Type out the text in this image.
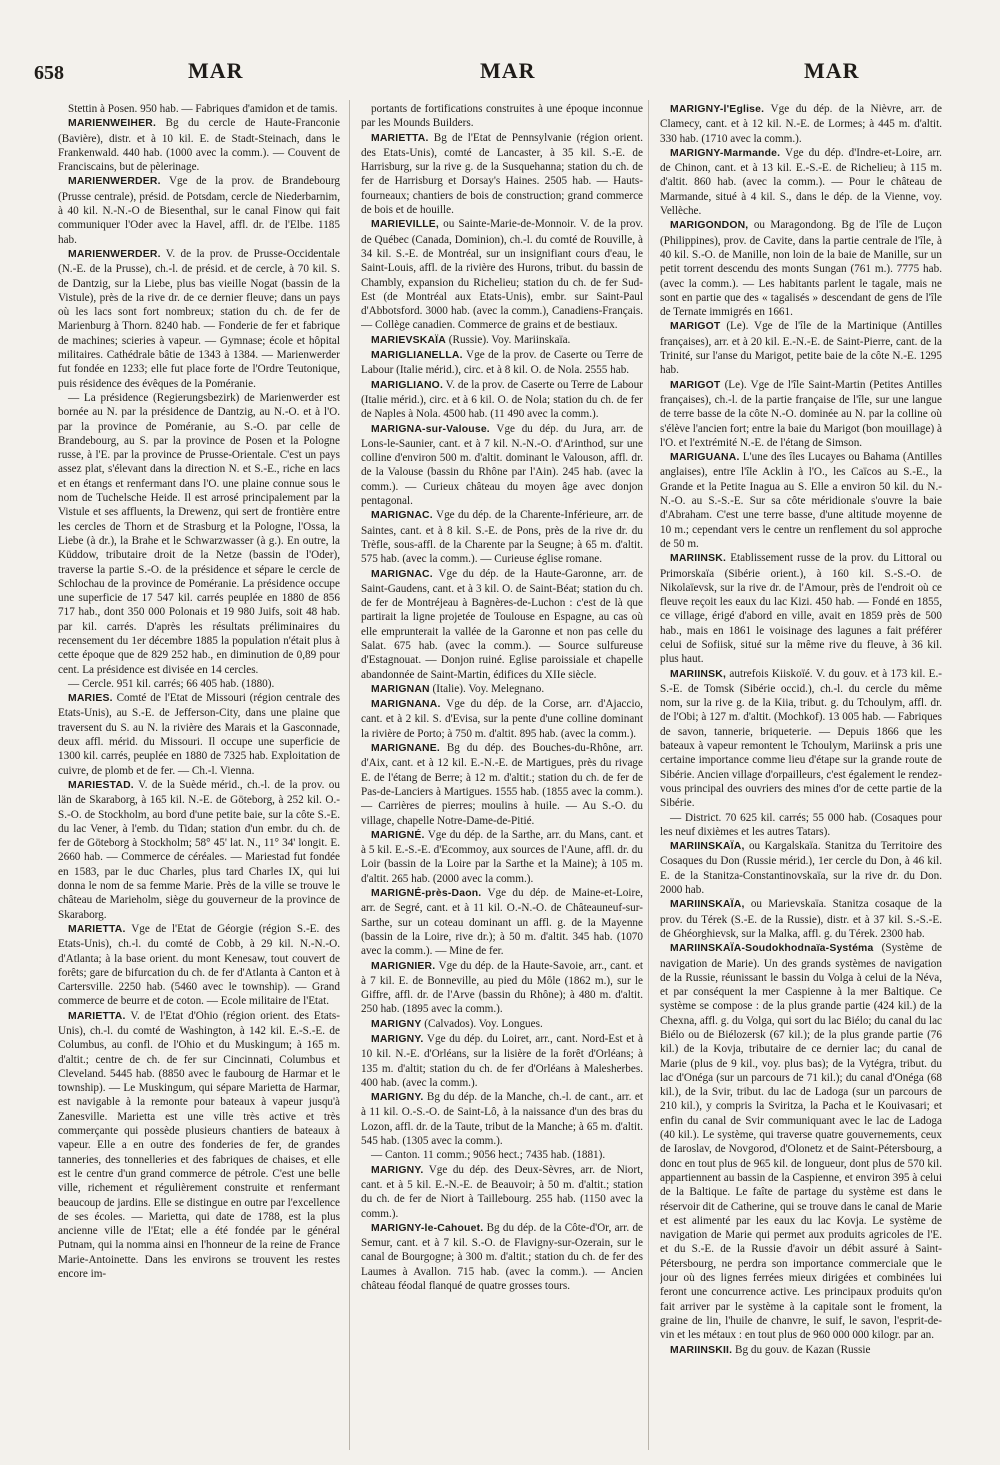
658	MAR	MAR	MAR

Stettin à Posen. 950 hab. — Fabriques d'amidon et de tamis.

MARIENWEIHER. Bg du cercle de Haute-Franconie (Bavière), distr. et à 10 kil. E. de Stadt-Steinach, dans le Frankenwald. 440 hab. (1000 avec la comm.). — Couvent de Franciscains, but de pèlerinage.

MARIENWERDER. Vge de la prov. de Brandebourg (Prusse centrale), présid. de Potsdam, cercle de Niederbarnim, à 40 kil. N.-N.-O de Biesenthal, sur le canal Finow qui fait communiquer l'Oder avec la Havel, affl. dr. de l'Elbe. 1185 hab.

MARIENWERDER. V. de la prov. de Prusse-Occidentale (N.-E. de la Prusse), ch.-l. de présid. et de cercle, à 70 kil. S. de Dantzig, sur la Liebe, plus bas vieille Nogat (bassin de la Vistule), près de la rive dr. de ce dernier fleuve; dans un pays où les lacs sont fort nombreux; station du ch. de fer de Marienburg à Thorn. 8240 hab. — Fonderie de fer et fabrique de machines; scieries à vapeur. — Gymnase; école et hôpital militaires. Cathédrale bâtie de 1343 à 1384. — Marienwerder fut fondée en 1233; elle fut place forte de l'Ordre Teutonique, puis résidence des évêques de la Poméranie.

— La présidence (Regierungsbezirk) de Marienwerder est bornée au N. par la présidence de Dantzig, au N.-O. et à l'O. par la province de Poméranie, au S.-O. par celle de Brandebourg, au S. par la province de Posen et la Pologne russe, à l'E. par la province de Prusse-Orientale. C'est un pays assez plat, s'élevant dans la direction N. et S.-E., riche en lacs et en étangs et renfermant dans l'O. une plaine connue sous le nom de Tuchelsche Heide. Il est arrosé principalement par la Vistule et ses affluents, la Drewenz, qui sert de frontière entre les cercles de Thorn et de Strasburg et la Pologne, l'Ossa, la Liebe (à dr.), la Brahe et le Schwarzwasser (à g.). En outre, la Küddow, tributaire droit de la Netze (bassin de l'Oder), traverse la partie S.-O. de la présidence et sépare le cercle de Schlochau de la province de Poméranie. La présidence occupe une superficie de 17 547 kil. carrés peuplée en 1880 de 856 717 hab., dont 350 000 Polonais et 19 980 Juifs, soit 48 hab. par kil. carrés. D'après les résultats préliminaires du recensement du 1er décembre 1885 la population n'était plus à cette époque que de 829 252 hab., en diminution de 0,89 pour cent. La présidence est divisée en 14 cercles.

— Cercle. 951 kil. carrés; 66 405 hab. (1880).

MARIES. Comté de l'Etat de Missouri (région centrale des Etats-Unis), au S.-E. de Jefferson-City, dans une plaine que traversent du S. au N. la rivière des Marais et la Gasconnade, deux affl. mérid. du Missouri. Il occupe une superficie de 1300 kil. carrés, peuplée en 1880 de 7325 hab. Exploitation de cuivre, de plomb et de fer. — Ch.-l. Vienna.

MARIESTAD. V. de la Suède mérid., ch.-l. de la prov. ou län de Skaraborg, à 165 kil. N.-E. de Göteborg, à 252 kil. O.-S.-O. de Stockholm, au bord d'une petite baie, sur la côte S.-E. du lac Vener, à l'emb. du Tidan; station d'un embr. du ch. de fer de Göteborg à Stockholm; 58° 45' lat. N., 11° 34' longit. E. 2660 hab. — Commerce de céréales. — Mariestad fut fondée en 1583, par le duc Charles, plus tard Charles IX, qui lui donna le nom de sa femme Marie. Près de la ville se trouve le château de Marieholm, siège du gouverneur de la province de Skaraborg.

MARIETTA. Vge de l'Etat de Géorgie (région S.-E. des Etats-Unis), ch.-l. du comté de Cobb, à 29 kil. N.-N.-O. d'Atlanta; à la base orient. du mont Kenesaw, tout couvert de forêts; gare de bifurcation du ch. de fer d'Atlanta à Canton et à Cartersville. 2250 hab. (5460 avec le township). — Grand commerce de beurre et de coton. — Ecole militaire de l'Etat.

MARIETTA. V. de l'Etat d'Ohio (région orient. des Etats-Unis), ch.-l. du comté de Washington, à 142 kil. E.-S.-E. de Columbus, au confl. de l'Ohio et du Muskingum; à 165 m. d'altit.; centre de ch. de fer sur Cincinnati, Columbus et Cleveland. 5445 hab. (8850 avec le faubourg de Harmar et le township). — Le Muskingum, qui sépare Marietta de Harmar, est navigable à la remonte pour bateaux à vapeur jusqu'à Zanesville. Marietta est une ville très active et très commerçante qui possède plusieurs chantiers de bateaux à vapeur. Elle a en outre des fonderies de fer, de grandes tanneries, des tonnelleries et des fabriques de chaises, et elle est le centre d'un grand commerce de pétrole. C'est une belle ville, richement et régulièrement construite et renfermant beaucoup de jardins. Elle se distingue en outre par l'excellence de ses écoles. — Marietta, qui date de 1788, est la plus ancienne ville de l'Etat; elle a été fondée par le général Putnam, qui la nomma ainsi en l'honneur de la reine de France Marie-Antoinette. Dans les environs se trouvent les restes encore im-

portants de fortifications construites à une époque inconnue par les Mounds Builders.

MARIETTA. Bg de l'Etat de Pennsylvanie (région orient. des Etats-Unis), comté de Lancaster, à 35 kil. S.-E. de Harrisburg, sur la rive g. de la Susquehanna; station du ch. de fer de Harrisburg et Dorsay's Haines. 2505 hab. — Hauts-fourneaux; chantiers de bois de construction; grand commerce de bois et de houille.

MARIEVILLE, ou Sainte-Marie-de-Monnoir. V. de la prov. de Québec (Canada, Dominion), ch.-l. du comté de Rouville, à 34 kil. S.-E. de Montréal, sur un insignifiant cours d'eau, le Saint-Louis, affl. de la rivière des Hurons, tribut. du bassin de Chambly, expansion du Richelieu; station du ch. de fer Sud-Est (de Montréal aux Etats-Unis), embr. sur Saint-Paul d'Abbotsford. 3000 hab. (avec la comm.), Canadiens-Français. — Collège canadien. Commerce de grains et de bestiaux.

MARIEVSKAÏA (Russie). Voy. Mariinskaïa.

MARIGLIANELLA. Vge de la prov. de Caserte ou Terre de Labour (Italie mérid.), circ. et à 8 kil. O. de Nola. 2555 hab.

MARIGLIANO. V. de la prov. de Caserte ou Terre de Labour (Italie mérid.), circ. et à 6 kil. O. de Nola; station du ch. de fer de Naples à Nola. 4500 hab. (11 490 avec la comm.).

MARIGNA-sur-Valouse. Vge du dép. du Jura, arr. de Lons-le-Saunier, cant. et à 7 kil. N.-N.-O. d'Arinthod, sur une colline d'environ 500 m. d'altit. dominant le Valouson, affl. dr. de la Valouse (bassin du Rhône par l'Ain). 245 hab. (avec la comm.). — Curieux château du moyen âge avec donjon pentagonal.

MARIGNAC. Vge du dép. de la Charente-Inférieure, arr. de Saintes, cant. et à 8 kil. S.-E. de Pons, près de la rive dr. du Trèfle, sous-affl. de la Charente par la Seugne; à 65 m. d'altit. 575 hab. (avec la comm.). — Curieuse église romane.

MARIGNAC. Vge du dép. de la Haute-Garonne, arr. de Saint-Gaudens, cant. et à 3 kil. O. de Saint-Béat; station du ch. de fer de Montréjeau à Bagnères-de-Luchon : c'est de là que partirait la ligne projetée de Toulouse en Espagne, au cas où elle emprunterait la vallée de la Garonne et non pas celle du Salat. 675 hab. (avec la comm.). — Source sulfureuse d'Estagnouat. — Donjon ruiné. Eglise paroissiale et chapelle abandonnée de Saint-Martin, édifices du XIIe siècle.

MARIGNAN (Italie). Voy. Melegnano.

MARIGNANA. Vge du dép. de la Corse, arr. d'Ajaccio, cant. et à 2 kil. S. d'Evisa, sur la pente d'une colline dominant la rivière de Porto; à 750 m. d'altit. 895 hab. (avec la comm.).

MARIGNANE. Bg du dép. des Bouches-du-Rhône, arr. d'Aix, cant. et à 12 kil. E.-N.-E. de Martigues, près du rivage E. de l'étang de Berre; à 12 m. d'altit.; station du ch. de fer de Pas-de-Lanciers à Martigues. 1555 hab. (1855 avec la comm.). — Carrières de pierres; moulins à huile. — Au S.-O. du village, chapelle Notre-Dame-de-Pitié.

MARIGNÉ. Vge du dép. de la Sarthe, arr. du Mans, cant. et à 5 kil. E.-S.-E. d'Ecommoy, aux sources de l'Aune, affl. dr. du Loir (bassin de la Loire par la Sarthe et la Maine); à 105 m. d'altit. 265 hab. (2000 avec la comm.).

MARIGNÉ-près-Daon. Vge du dép. de Maine-et-Loire, arr. de Segré, cant. et à 11 kil. O.-N.-O. de Châteauneuf-sur-Sarthe, sur un coteau dominant un affl. g. de la Mayenne (bassin de la Loire, rive dr.); à 50 m. d'altit. 345 hab. (1070 avec la comm.). — Mine de fer.

MARIGNIER. Vge du dép. de la Haute-Savoie, arr., cant. et à 7 kil. E. de Bonneville, au pied du Môle (1862 m.), sur le Giffre, affl. dr. de l'Arve (bassin du Rhône); à 480 m. d'altit. 250 hab. (1895 avec la comm.).

MARIGNY (Calvados). Voy. Longues.

MARIGNY. Vge du dép. du Loiret, arr., cant. Nord-Est et à 10 kil. N.-E. d'Orléans, sur la lisière de la forêt d'Orléans; à 135 m. d'altit; station du ch. de fer d'Orléans à Malesherbes. 400 hab. (avec la comm.).

MARIGNY. Bg du dép. de la Manche, ch.-l. de cant., arr. et à 11 kil. O.-S.-O. de Saint-Lô, à la naissance d'un des bras du Lozon, affl. dr. de la Taute, tribut de la Manche; à 65 m. d'altit. 545 hab. (1305 avec la comm.).

— Canton. 11 comm.; 9056 hect.; 7435 hab. (1881).

MARIGNY. Vge du dép. des Deux-Sèvres, arr. de Niort, cant. et à 5 kil. E.-N.-E. de Beauvoir; à 50 m. d'altit.; station du ch. de fer de Niort à Taillebourg. 255 hab. (1150 avec la comm.).

MARIGNY-le-Cahouet. Bg du dép. de la Côte-d'Or, arr. de Semur, cant. et à 7 kil. S.-O. de Flavigny-sur-Ozerain, sur le canal de Bourgogne; à 300 m. d'altit.; station du ch. de fer des Laumes à Avallon. 715 hab. (avec la comm.). — Ancien château féodal flanqué de quatre grosses tours.

MARIGNY-l'Eglise. Vge du dép. de la Nièvre, arr. de Clamecy, cant. et à 12 kil. N.-E. de Lormes; à 445 m. d'altit. 330 hab. (1710 avec la comm.).

MARIGNY-Marmande. Vge du dép. d'Indre-et-Loire, arr. de Chinon, cant. et à 13 kil. E.-S.-E. de Richelieu; à 115 m. d'altit. 860 hab. (avec la comm.). — Pour le château de Marmande, situé à 4 kil. S., dans le dép. de la Vienne, voy. Vellèche.

MARIGONDON, ou Maragondong. Bg de l'île de Luçon (Philippines), prov. de Cavite, dans la partie centrale de l'île, à 40 kil. S.-O. de Manille, non loin de la baie de Manille, sur un petit torrent descendu des monts Sungan (761 m.). 7775 hab. (avec la comm.). — Les habitants parlent le tagale, mais ne sont en partie que des « tagalisés » descendant de gens de l'île de Ternate immigrés en 1661.

MARIGOT (Le). Vge de l'île de la Martinique (Antilles françaises), arr. et à 20 kil. E.-N.-E. de Saint-Pierre, cant. de la Trinité, sur l'anse du Marigot, petite baie de la côte N.-E. 1295 hab.

MARIGOT (Le). Vge de l'île Saint-Martin (Petites Antilles françaises), ch.-l. de la partie française de l'île, sur une langue de terre basse de la côte N.-O. dominée au N. par la colline où s'élève l'ancien fort; entre la baie du Marigot (bon mouillage) à l'O. et l'extrémité N.-E. de l'étang de Simson.

MARIGUANA. L'une des îles Lucayes ou Bahama (Antilles anglaises), entre l'île Acklin à l'O., les Caïcos au S.-E., la Grande et la Petite Inagua au S. Elle a environ 50 kil. du N.-N.-O. au S.-S.-E. Sur sa côte méridionale s'ouvre la baie d'Abraham. C'est une terre basse, d'une altitude moyenne de 10 m.; cependant vers le centre un renflement du sol approche de 50 m.

MARIINSK. Etablissement russe de la prov. du Littoral ou Primorskaïa (Sibérie orient.), à 160 kil. S.-S.-O. de Nikolaïevsk, sur la rive dr. de l'Amour, près de l'endroit où ce fleuve reçoit les eaux du lac Kizi. 450 hab. — Fondé en 1855, ce village, érigé d'abord en ville, avait en 1859 près de 500 hab., mais en 1861 le voisinage des lagunes a fait préférer celui de Sofiisk, situé sur la même rive du fleuve, à 36 kil. plus haut.

MARIINSK, autrefois Kiiskoïé. V. du gouv. et à 173 kil. E.-S.-E. de Tomsk (Sibérie occid.), ch.-l. du cercle du même nom, sur la rive g. de la Kiia, tribut. g. du Tchoulym, affl. dr. de l'Obi; à 127 m. d'altit. (Mochkof). 13 005 hab. — Fabriques de savon, tannerie, briqueterie. — Depuis 1866 que les bateaux à vapeur remontent le Tchoulym, Mariinsk a pris une certaine importance comme lieu d'étape sur la grande route de Sibérie. Ancien village d'orpailleurs, c'est également le rendez-vous principal des ouvriers des mines d'or de cette partie de la Sibérie.

— District. 70 625 kil. carrés; 55 000 hab. (Cosaques pour les neuf dixièmes et les autres Tatars).

MARIINSKAÏA, ou Kargalskaïa. Stanitza du Territoire des Cosaques du Don (Russie mérid.), 1er cercle du Don, à 46 kil. E. de la Stanitza-Constantinovskaïa, sur la rive dr. du Don. 2000 hab.

MARIINSKAÏA, ou Marievskaïa. Stanitza cosaque de la prov. du Térek (S.-E. de la Russie), distr. et à 37 kil. S.-S.-E. de Ghéorghievsk, sur la Malka, affl. g. du Térek. 2300 hab.

MARIINSKAÏA-Soudokhodnaïa-Systéma (Système de navigation de Marie). Un des grands systèmes de navigation de la Russie, réunissant le bassin du Volga à celui de la Néva, et par conséquent la mer Caspienne à la mer Baltique. Ce système se compose : de la plus grande partie (424 kil.) de la Chexna, affl. g. du Volga, qui sort du lac Biélo; du canal du lac Biélo ou de Biélozersk (67 kil.); de la plus grande partie (76 kil.) de la Kovja, tributaire de ce dernier lac; du canal de Marie (plus de 9 kil., voy. plus bas); de la Vytégra, tribut. du lac d'Onéga (sur un parcours de 71 kil.); du canal d'Onéga (68 kil.), de la Svir, tribut. du lac de Ladoga (sur un parcours de 210 kil.), y compris la Sviritza, la Pacha et le Kouivasari; et enfin du canal de Svir communiquant avec le lac de Ladoga (40 kil.). Le système, qui traverse quatre gouvernements, ceux de Iaroslav, de Novgorod, d'Olonetz et de Saint-Pétersbourg, a donc en tout plus de 965 kil. de longueur, dont plus de 570 kil. appartiennent au bassin de la Caspienne, et environ 395 à celui de la Baltique. Le faîte de partage du système est dans le réservoir dit de Catherine, qui se trouve dans le canal de Marie et est alimenté par les eaux du lac Kovja. Le système de navigation de Marie qui permet aux produits agricoles de l'E. et du S.-E. de la Russie d'avoir un débit assuré à Saint-Pétersbourg, ne perdra son importance commerciale que le jour où des lignes ferrées mieux dirigées et combinées lui feront une concurrence active. Les principaux produits qu'on fait arriver par le système à la capitale sont le froment, la graine de lin, l'huile de chanvre, le suif, le savon, l'esprit-de-vin et les métaux : en tout plus de 960 000 000 kilogr. par an.

MARIINSKII. Bg du gouv. de Kazan (Russie
